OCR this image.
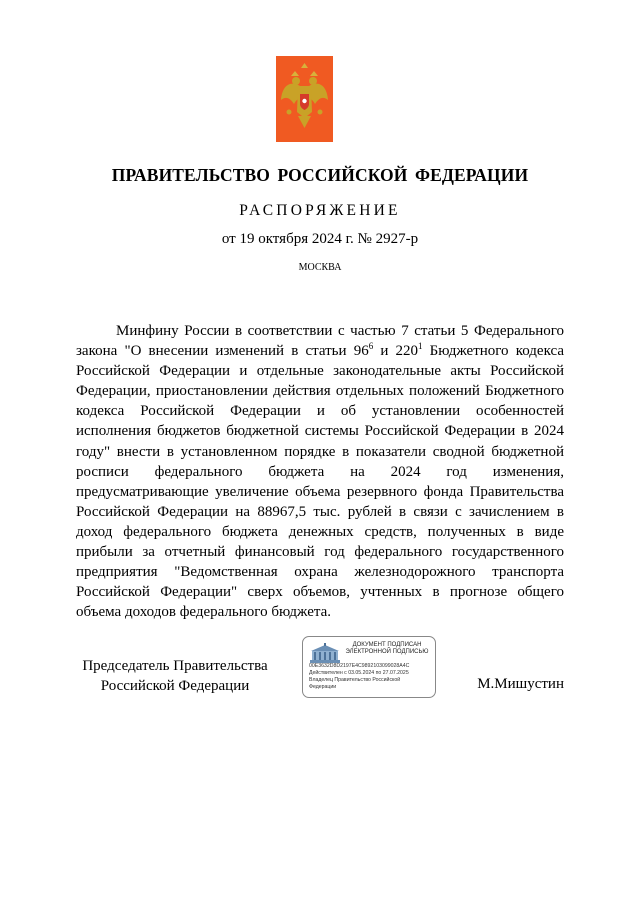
ПРАВИТЕЛЬСТВО РОССИЙСКОЙ ФЕДЕРАЦИИ
РАСПОРЯЖЕНИЕ
от 19 октября 2024 г. № 2927-р
МОСКВА

Минфину России в соответствии с частью 7 статьи 5 Федерального закона "О внесении изменений в статьи $96^6$ и $220^1$ Бюджетного кодекса Российской Федерации и отдельные законодательные акты Российской Федерации, приостановлении действия отдельных положений Бюджетного кодекса Российской Федерации и об установлении особенностей исполнения бюджетов бюджетной системы Российской Федерации в 2024 году" внести в установленном порядке в показатели сводной бюджетной росписи федерального бюджета на 2024 год изменения, предусматривающие увеличение объема резервного фонда Правительства Российской Федерации на 88967,5 тыс. рублей в связи с зачислением в доход федерального бюджета денежных средств, полученных в виде прибыли за отчетный финансовый год федерального государственного предприятия "Ведомственная охрана железнодорожного транспорта Российской Федерации" сверх объемов, учтенных в прогнозе общего объема доходов федерального бюджета.

Председатель Правительства
Российской Федерации
ДОКУМЕНТ ПОДПИСАН
ЭЛЕКТРОННОЙ ПОДПИСЬЮ
00E3632D8D2197E4C9892103099028A4C
Действителен с 03.05.2024 по 27.07.2025
Владелец Правительство Российской
Федерации	М.Мишустин
